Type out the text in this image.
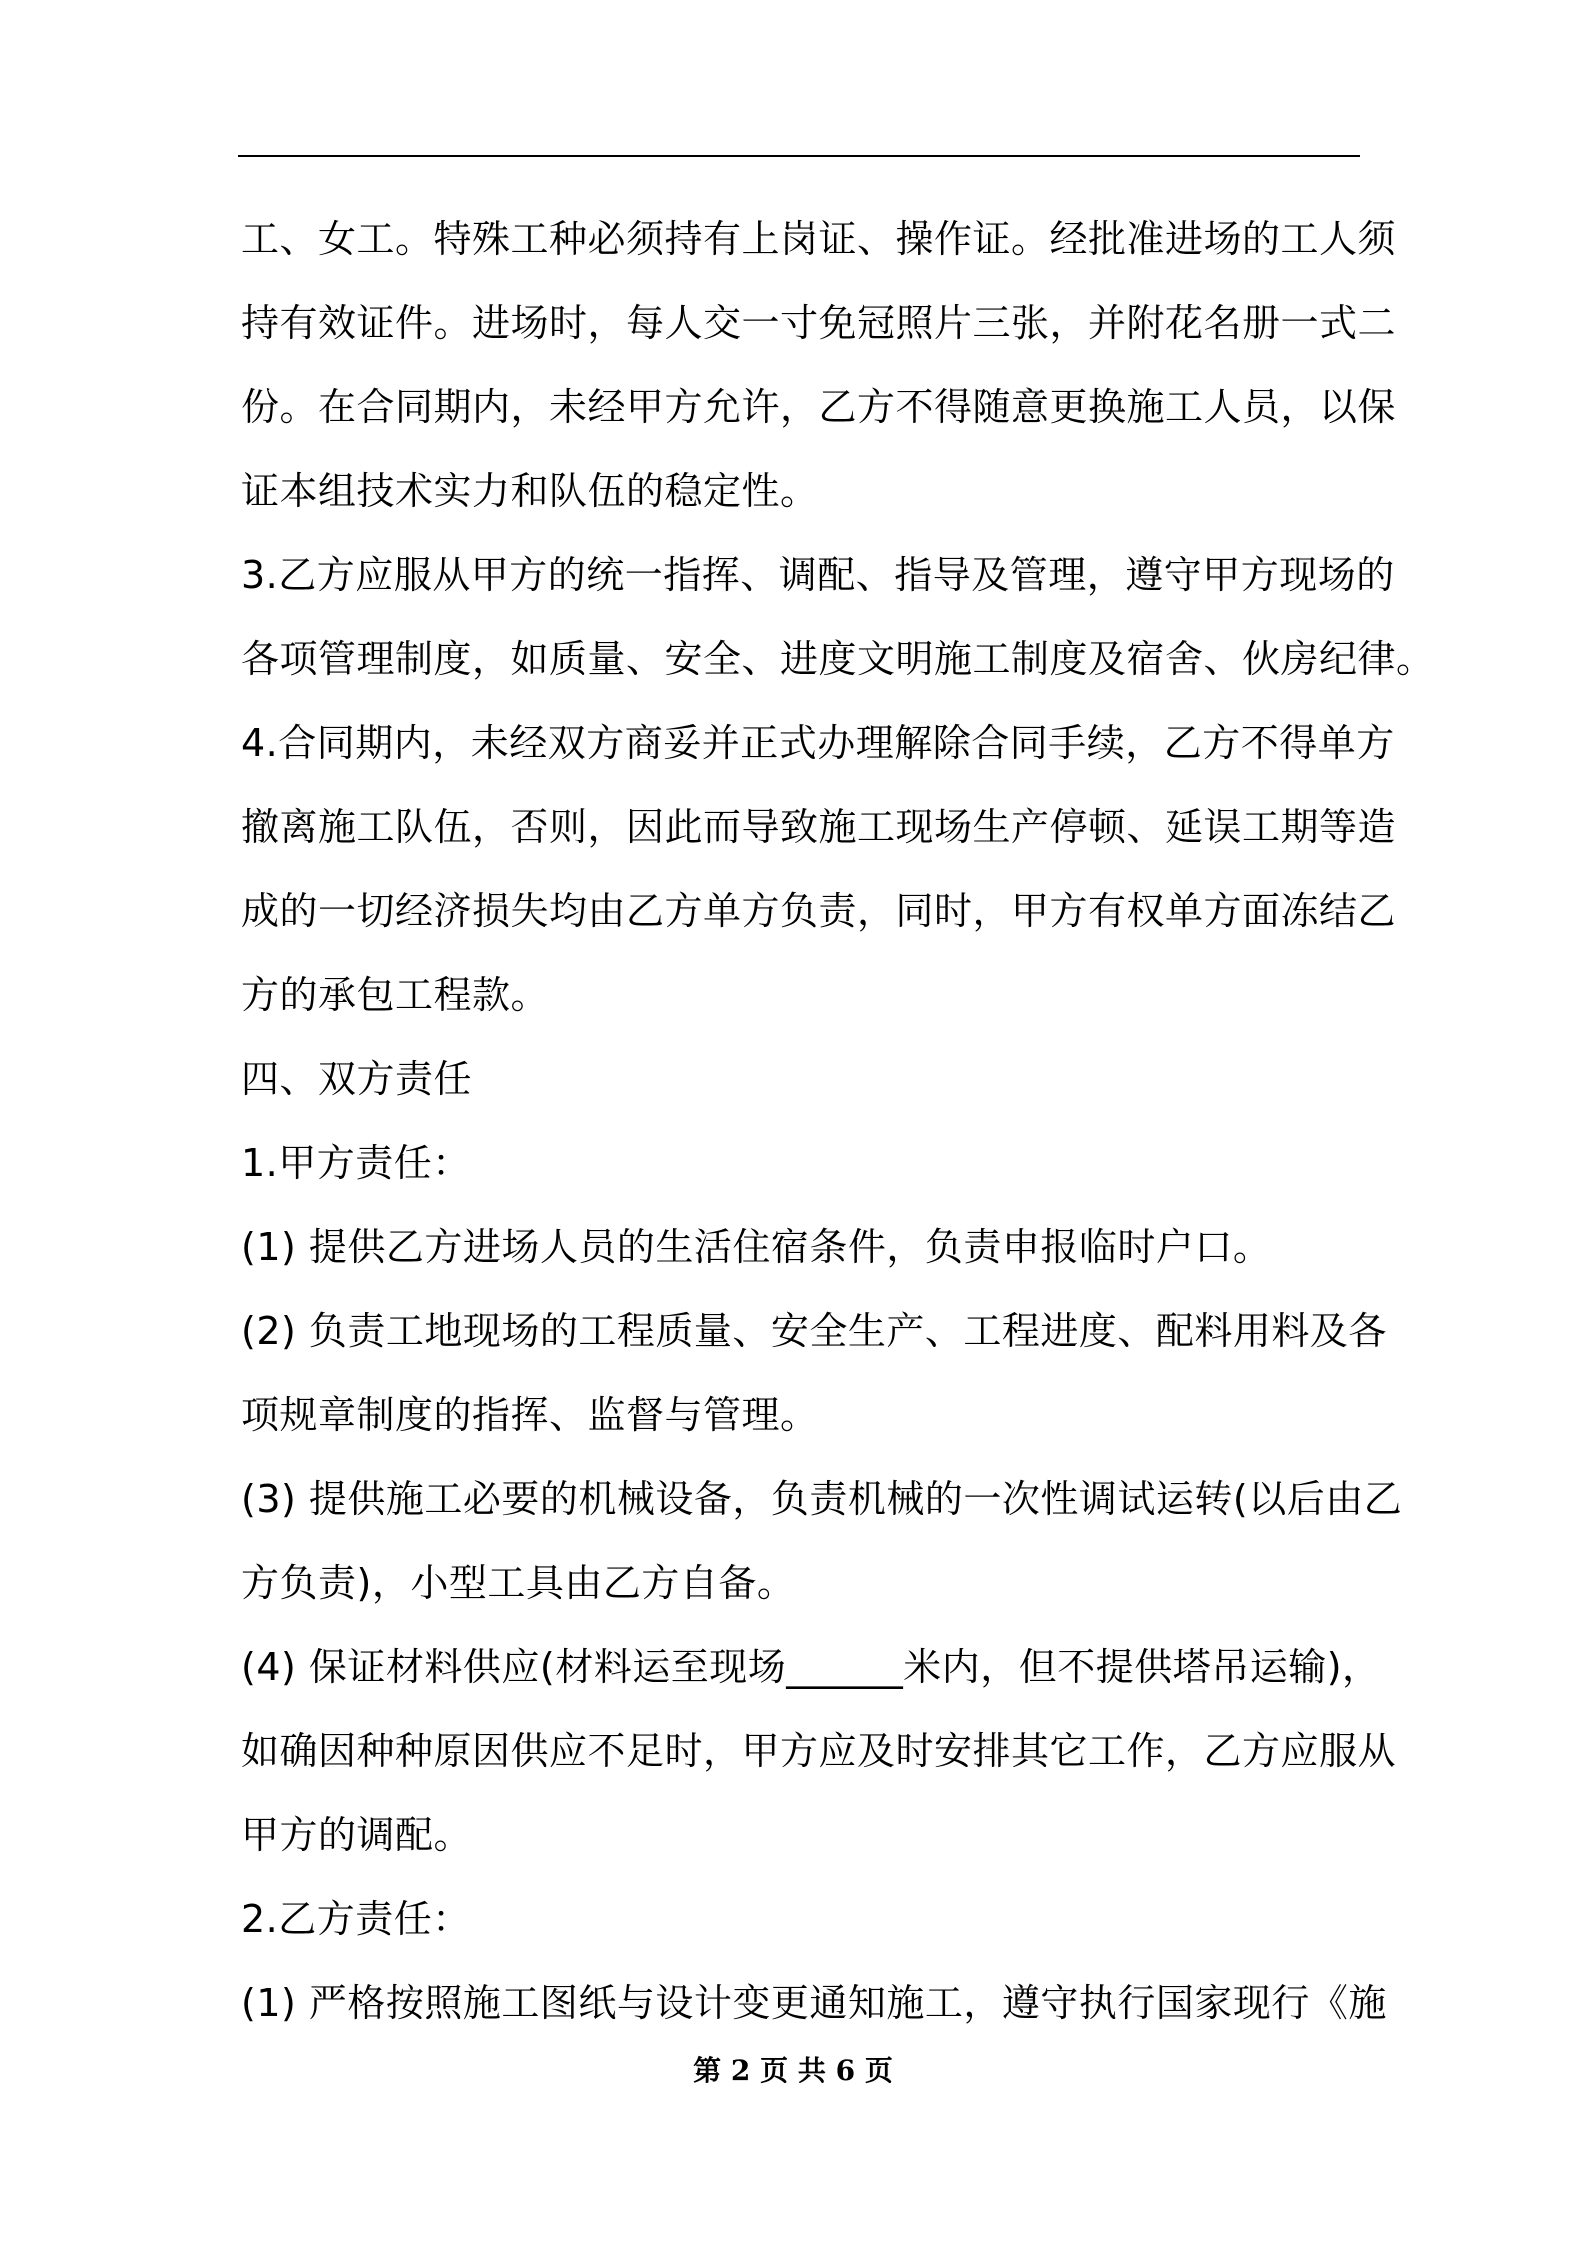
工、女工。特殊工种必须持有上岗证、操作证。经批准进场的工人须
持有效证件。进场时，每人交一寸免冠照片三张，并附花名册一式二
份。在合同期内，未经甲方允许，乙方不得随意更换施工人员，以保
证本组技术实力和队伍的稳定性。
3.乙方应服从甲方的统一指挥、调配、指导及管理，遵守甲方现场的
各项管理制度，如质量、安全、进度文明施工制度及宿舍、伙房纪律。
4.合同期内，未经双方商妥并正式办理解除合同手续，乙方不得单方
撤离施工队伍，否则，因此而导致施工现场生产停顿、延误工期等造
成的一切经济损失均由乙方单方负责，同时，甲方有权单方面冻结乙
方的承包工程款。
四、双方责任
1.甲方责任：
(1) 提供乙方进场人员的生活住宿条件，负责申报临时户口。
(2) 负责工地现场的工程质量、安全生产、工程进度、配料用料及各
项规章制度的指挥、监督与管理。
(3) 提供施工必要的机械设备，负责机械的一次性调试运转(以后由乙
方负责)，小型工具由乙方自备。
(4) 保证材料供应(材料运至现场______米内，但不提供塔吊运输)，
如确因种种原因供应不足时，甲方应及时安排其它工作，乙方应服从
甲方的调配。
2.乙方责任：
(1) 严格按照施工图纸与设计变更通知施工，遵守执行国家现行《施
第 2 页 共 6 页
